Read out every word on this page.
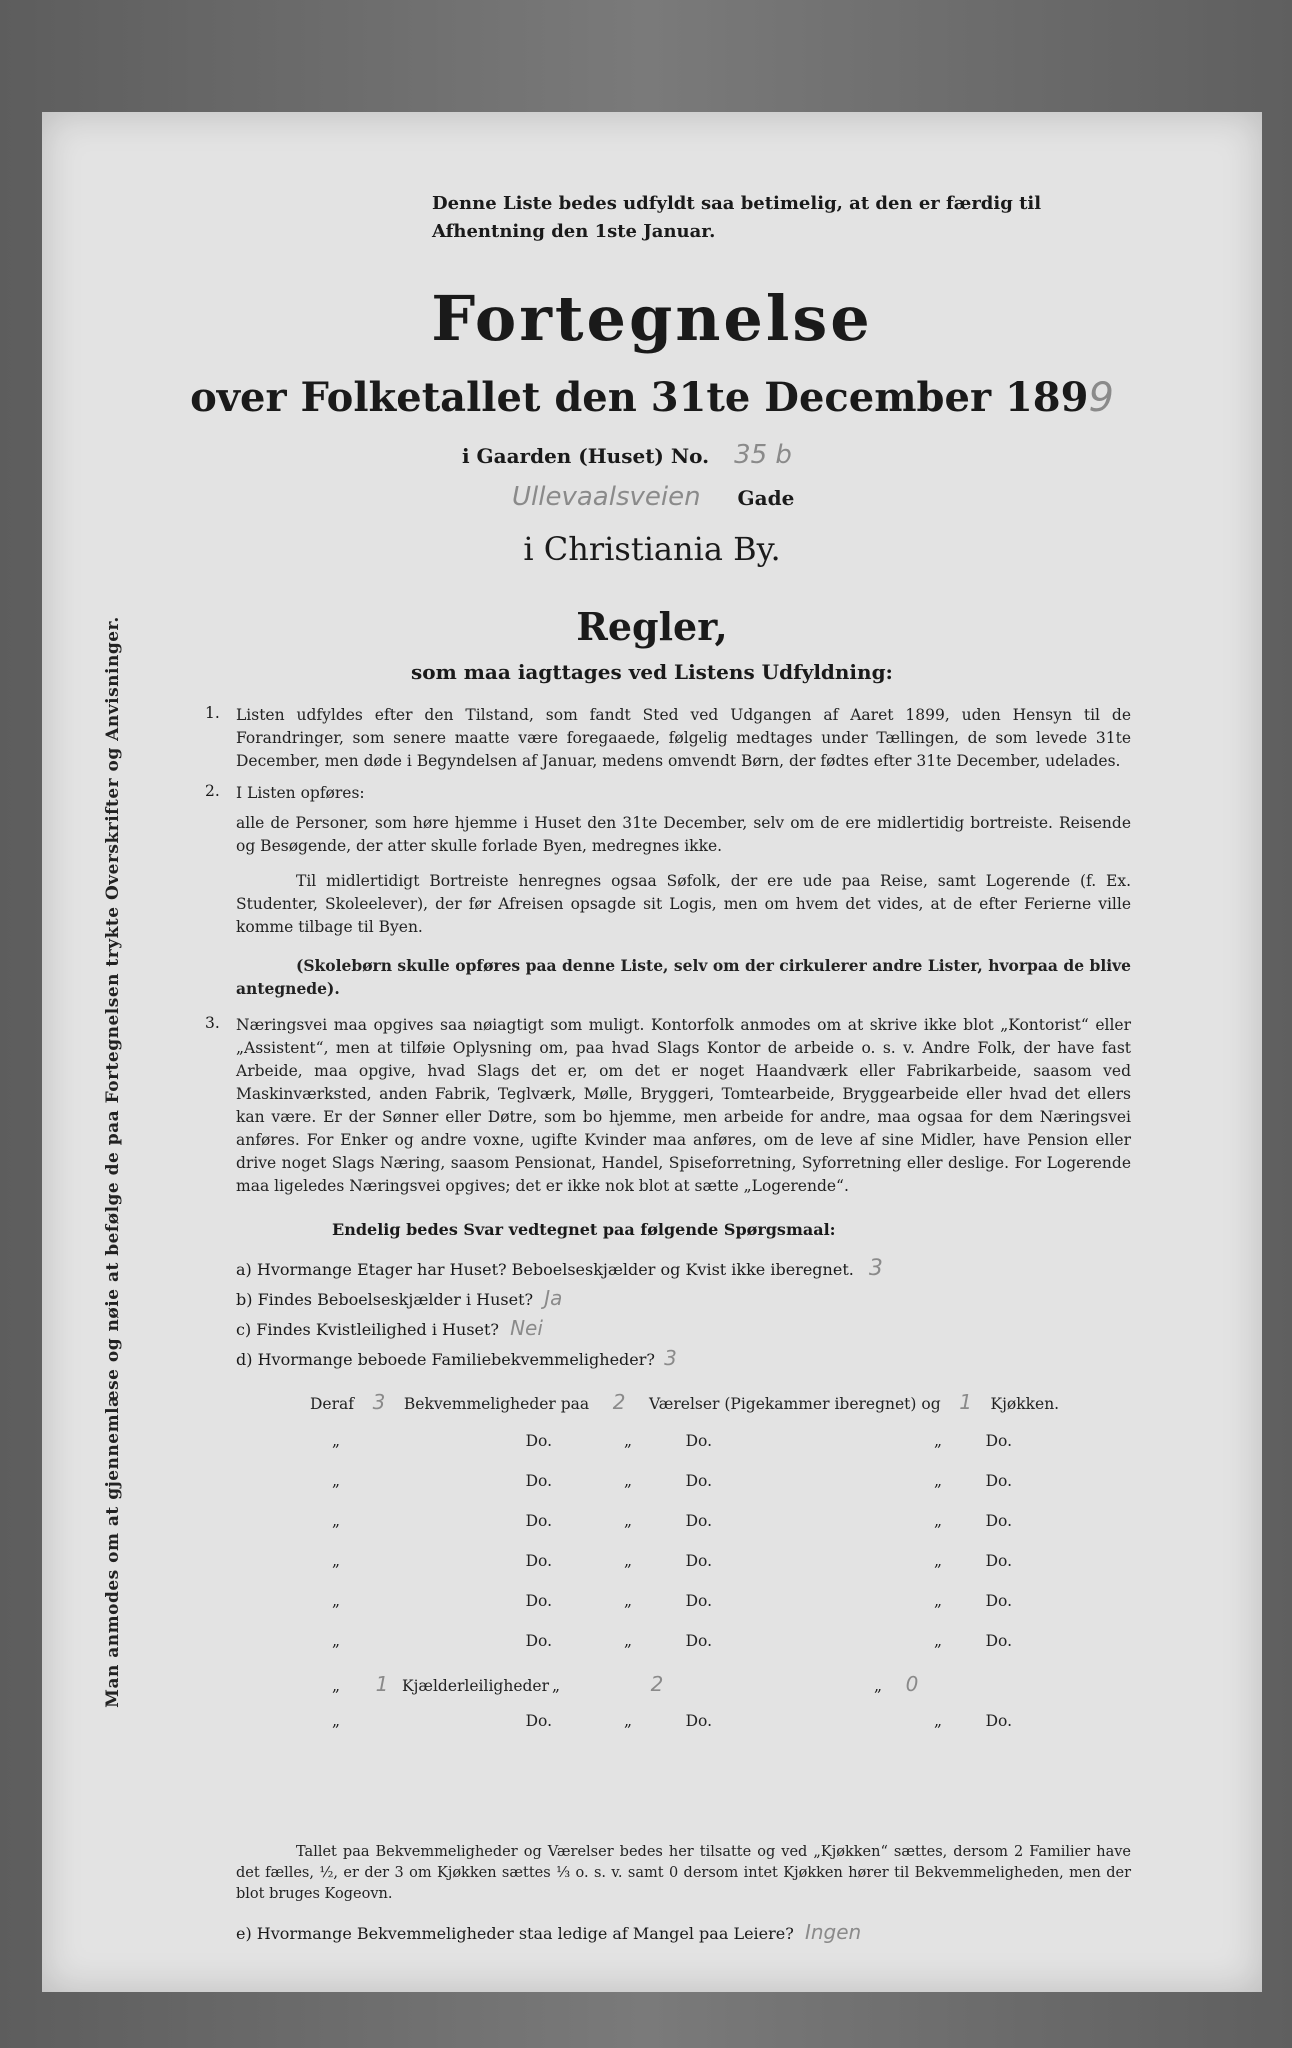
Man anmodes om at gjennemlæse og nøie at befølge de paa Fortegnelsen trykte Overskrifter og Anvisninger.
Denne Liste bedes udfyldt saa betimelig, at den er færdig til Afhentning den 1ste Januar.
Fortegnelse
over Folketallet den 31te December 1899
i Gaarden (Huset) No. 35 b
Ullevaalsveien Gade
i Christiania By.
Regler,
som maa iagttages ved Listens Udfyldning:
1. Listen udfyldes efter den Tilstand, som fandt Sted ved Udgangen af Aaret 1899, uden Hensyn til de Forandringer, som senere maatte være foregaaede, følgelig medtages under Tællingen, de som levede 31te December, men døde i Begyndelsen af Januar, medens omvendt Børn, der fødtes efter 31te December, udelades.
2. I Listen opføres:
alle de Personer, som høre hjemme i Huset den 31te December, selv om de ere midlertidig bortreiste. Reisende og Besøgende, der atter skulle forlade Byen, medregnes ikke.
Til midlertidigt Bortreiste henregnes ogsaa Søfolk, der ere ude paa Reise, samt Logerende (f. Ex. Studenter, Skoleelever), der før Afreisen opsagde sit Logis, men om hvem det vides, at de efter Ferierne ville komme tilbage til Byen.
(Skolebørn skulle opføres paa denne Liste, selv om der cirkulerer andre Lister, hvorpaa de blive antegnede).
3. Næringsvei maa opgives saa nøiagtigt som muligt. Kontorfolk anmodes om at skrive ikke blot „Kontorist“ eller „Assistent“, men at tilføie Oplysning om, paa hvad Slags Kontor de arbeide o. s. v. Andre Folk, der have fast Arbeide, maa opgive, hvad Slags det er, om det er noget Haandværk eller Fabrikarbeide, saasom ved Maskinværksted, anden Fabrik, Teglværk, Mølle, Bryggeri, Tomtearbeide, Bryggearbeide eller hvad det ellers kan være. Er der Sønner eller Døtre, som bo hjemme, men arbeide for andre, maa ogsaa for dem Næringsvei anføres. For Enker og andre voxne, ugifte Kvinder maa anføres, om de leve af sine Midler, have Pension eller drive noget Slags Næring, saasom Pensionat, Handel, Spiseforretning, Syforretning eller deslige. For Logerende maa ligeledes Næringsvei opgives; det er ikke nok blot at sætte „Logerende“.
Endelig bedes Svar vedtegnet paa følgende Spørgsmaal:
a) Hvormange Etager har Huset? Beboelseskjælder og Kvist ikke iberegnet. 3
b) Findes Beboelseskjælder i Huset? Ja
c) Findes Kvistleilighed i Huset? Nei
d) Hvormange beboede Familiebekvemmeligheder? 3
Deraf 3 Bekvemmeligheder paa 2 Værelser (Pigekammer iberegnet) og 1 Kjøkken.
„	Do.	„	Do.	„	Do.
„	Do.	„	Do.	„	Do.
„	Do.	„	Do.	„	Do.
„	Do.	„	Do.	„	Do.
„	Do.	„	Do.	„	Do.
„	Do.	„	Do.	„	Do.
„ 1 Kjælderleiligheder „	2	„ 0
„	Do.	„	Do.	„	Do.
Tallet paa Bekvemmeligheder og Værelser bedes her tilsatte og ved „Kjøkken“ sættes, dersom 2 Familier have det fælles, ½, er der 3 om Kjøkken sættes ⅓ o. s. v. samt 0 dersom intet Kjøkken hører til Bekvemmeligheden, men der blot bruges Kogeovn.
e) Hvormange Bekvemmeligheder staa ledige af Mangel paa Leiere? Ingen
